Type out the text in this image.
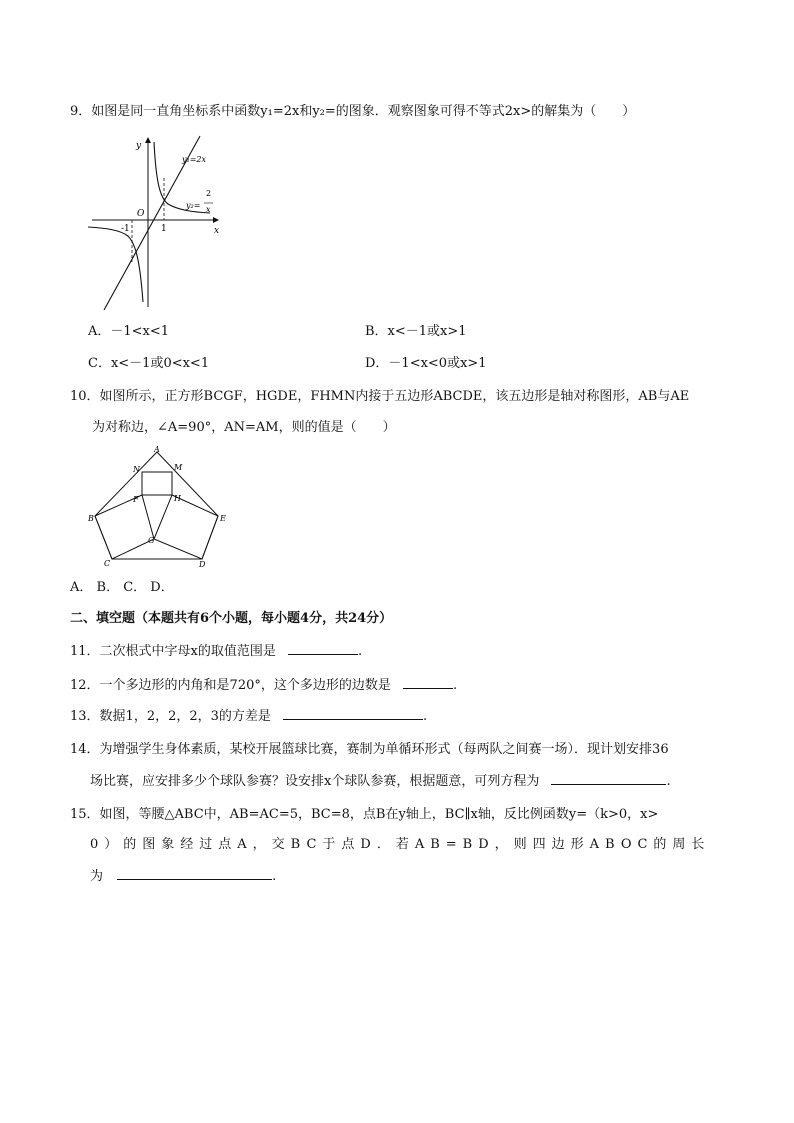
9．如图是同一直角坐标系中函数y₁=2x和y₂=的图象．观察图象可得不等式2x>的解集为（　　）
y
x
O
1
-1
y₁=2x
y₂=
2
x
A．－1<x<1	B．x<－1或x>1
C．x<－1或0<x<1	D．－1<x<0或x>1
10．如图所示，正方形BCGF，HGDE，FHMN内接于五边形ABCDE，该五边形是轴对称图形，AB与AE
为对称边，∠A=90°，AN=AM，则的值是（　　）
A
N	M
F	H
B	E
G
C	D
A． B． C． D．
二、填空题（本题共有6个小题，每小题4分，共24分）
11．二次根式中字母x的取值范围是	.
12．一个多边形的内角和是720°，这个多边形的边数是	.
13．数据1，2，2，2，3的方差是	.
14．为增强学生身体素质，某校开展篮球比赛，赛制为单循环形式（每两队之间赛一场）．现计划安排36
场比赛，应安排多少个球队参赛？设安排x个球队参赛，根据题意，可列方程为	.
15．如图，等腰△ABC中，AB=AC=5，BC=8，点B在y轴上，BC∥x轴，反比例函数y=（k>0，x>
0）的图象经过点A，交BC于点D．若AB=BD，则四边形ABOC的周长
为	.
